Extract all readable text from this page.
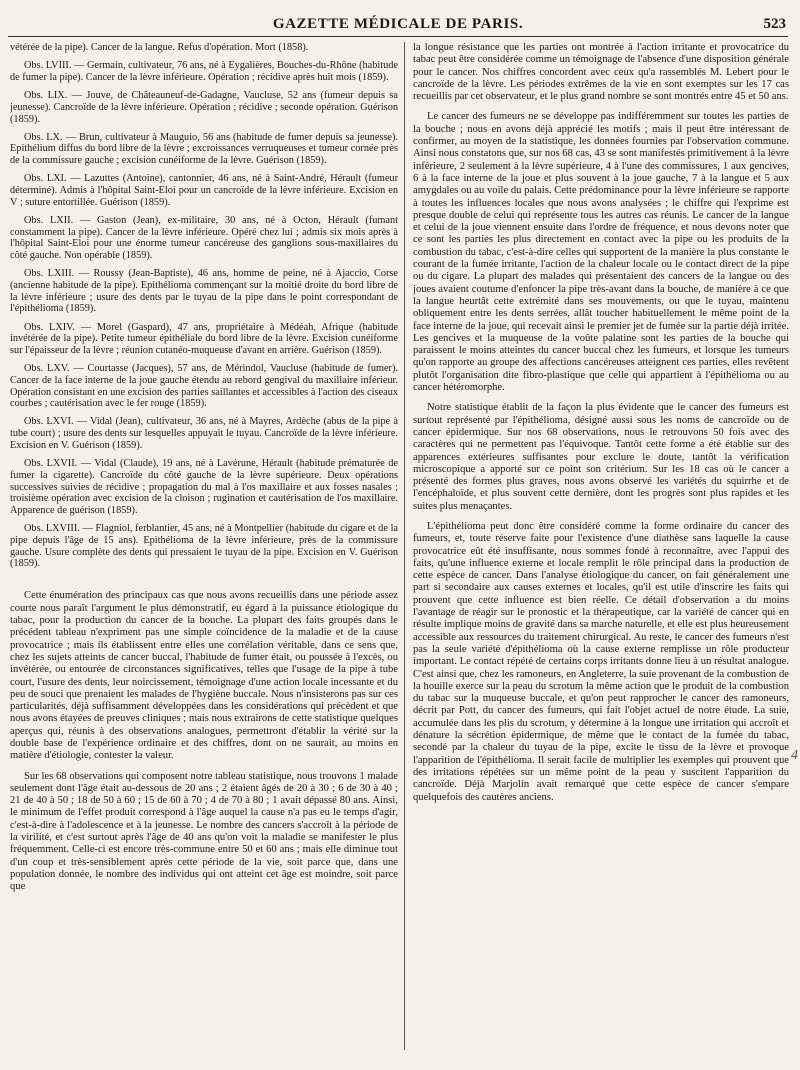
GAZETTE MÉDICALE DE PARIS.	523

vétérée de la pipe). Cancer de la langue. Refus d'opération. Mort (1858).

Obs. LVIII. — Germain, cultivateur, 76 ans, né à Eygalières, Bouches-du-Rhône (habitude de fumer la pipe). Cancer de la lèvre inférieure. Opération ; récidive après huit mois (1859).

Obs. LIX. — Jouve, de Châteauneuf-de-Gadagne, Vaucluse, 52 ans (fumeur depuis sa jeunesse). Cancroïde de la lèvre inférieure. Opération ; récidive ; seconde opération. Guérison (1859).

Obs. LX. — Brun, cultivateur à Mauguio, 56 ans (habitude de fumer depuis sa jeunesse). Epithélium diffus du bord libre de la lèvre ; excroissances verruqueuses et tumeur cornée près de la commissure gauche ; excision cunéiforme de la lèvre. Guérison (1859).

Obs. LXI. — Lazuttes (Antoine), cantonnier, 46 ans, né à Saint-André, Hérault (fumeur déterminé). Admis à l'hôpital Saint-Eloi pour un cancroïde de la lèvre inférieure. Excision en V ; suture entortillée. Guérison (1859).

Obs. LXII. — Gaston (Jean), ex-militaire, 30 ans, né à Octon, Hérault (fumant constamment la pipe). Cancer de la lèvre inférieure. Opéré chez lui ; admis six mois après à l'hôpital Saint-Eloi pour une énorme tumeur cancéreuse des ganglions sous-maxillaires du côté gauche. Non opérable (1859).

Obs. LXIII. — Roussy (Jean-Baptiste), 46 ans, homme de peine, né à Ajaccio, Corse (ancienne habitude de la pipe). Epithélioma commençant sur la moitié droite du bord libre de la lèvre inférieure ; usure des dents par le tuyau de la pipe dans le point correspondant de l'épithélioma (1859).

Obs. LXIV. — Morel (Gaspard), 47 ans, propriétaire à Médéah, Afrique (habitude invétérée de la pipe). Petite tumeur épithéliale du bord libre de la lèvre. Excision cunéiforme sur l'épaisseur de la lèvre ; réunion cutanéo-muqueuse d'avant en arrière. Guérison (1859).

Obs. LXV. — Courtasse (Jacques), 57 ans, de Mérindol, Vaucluse (habitude de fumer). Cancer de la face interne de la joue gauche étendu au rebord gengival du maxillaire inférieur. Opération consistant en une excision des parties saillantes et accessibles à l'action des ciseaux courbes ; cautérisation avec le fer rouge (1859).

Obs. LXVI. — Vidal (Jean), cultivateur, 36 ans, né à Mayres, Ardèche (abus de la pipe à tube court) ; usure des dents sur lesquelles appuyait le tuyau. Cancroïde de la lèvre inférieure. Excision en V. Guérison (1859).

Obs. LXVII. — Vidal (Claude), 19 ans, né à Lavérune, Hérault (habitude prématurée de fumer la cigarette). Cancroïde du côté gauche de la lèvre supérieure. Deux opérations successives suivies de récidive ; propagation du mal à l'os maxillaire et aux fosses nasales ; troisième opération avec excision de la cloison ; rugination et cautérisation de l'os maxillaire. Apparence de guérison (1859).

Obs. LXVIII. — Flagniol, ferblantier, 45 ans, né à Montpellier (habitude du cigare et de la pipe depuis l'âge de 15 ans). Epithélioma de la lèvre inférieure, près de la commissure gauche. Usure complète des dents qui pressaient le tuyau de la pipe. Excision en V. Guérison (1859).

Cette énumération des principaux cas que nous avons recueillis dans une période assez courte nous paraît l'argument le plus démonstratif, eu égard à la puissance étiologique du tabac, pour la production du cancer de la bouche. La plupart des faits groupés dans le précédent tableau n'expriment pas une simple coïncidence de la maladie et de la cause provocatrice ; mais ils établissent entre elles une corrélation véritable, dans ce sens que, chez les sujets atteints de cancer buccal, l'habitude de fumer était, ou poussée à l'excès, ou invétérée, ou entourée de circonstances significatives, telles que l'usage de la pipe à tube court, l'usure des dents, leur noircissement, témoignage d'une action locale incessante et du peu de souci que prenaient les malades de l'hygiène buccale. Nous n'insisterons pas sur ces particularités, déjà suffisamment développées dans les considérations qui précèdent et que nous avons étayées de preuves cliniques ; mais nous extrairons de cette statistique quelques aperçus qui, réunis à des observations analogues, permettront d'établir la vérité sur la double base de l'expérience ordinaire et des chiffres, dont on ne saurait, au moins en matière d'étiologie, contester la valeur.

Sur les 68 observations qui composent notre tableau statistique, nous trouvons 1 malade seulement dont l'âge était au-dessous de 20 ans ; 2 étaient âgés de 20 à 30 ; 6 de 30 à 40 ; 21 de 40 à 50 ; 18 de 50 à 60 ; 15 de 60 à 70 ; 4 de 70 à 80 ; 1 avait dépassé 80 ans. Ainsi, le minimum de l'effet produit correspond à l'âge auquel la cause n'a pas eu le temps d'agir, c'est-à-dire à l'adolescence et à la jeunesse. Le nombre des cancers s'accroît à la période de la virilité, et c'est surtout après l'âge de 40 ans qu'on voit la maladie se manifester le plus fréquemment. Celle-ci est encore très-commune entre 50 et 60 ans ; mais elle diminue tout d'un coup et très-sensiblement après cette période de la vie, soit parce que, dans une population donnée, le nombre des individus qui ont atteint cet âge est moindre, soit parce que

la longue résistance que les parties ont montrée à l'action irritante et provocatrice du tabac peut être considérée comme un témoignage de l'absence d'une disposition générale pour le cancer. Nos chiffres concordent avec ceux qu'a rassemblés M. Lebert pour le cancroïde de la lèvre. Les périodes extrêmes de la vie en sont exemptes sur les 17 cas recueillis par cet observateur, et le plus grand nombre se sont montrés entre 45 et 50 ans.

Le cancer des fumeurs ne se développe pas indifféremment sur toutes les parties de la bouche ; nous en avons déjà apprécié les motifs ; mais il peut être intéressant de confirmer, au moyen de la statistique, les données fournies par l'observation commune. Ainsi nous constatons que, sur nos 68 cas, 43 se sont manifestés primitivement à la lèvre inférieure, 2 seulement à la lèvre supérieure, 4 à l'une des commissures, 1 aux gencives, 6 à la face interne de la joue et plus souvent à la joue gauche, 7 à la langue et 5 aux amygdales ou au voile du palais. Cette prédominance pour la lèvre inférieure se rapporte à toutes les influences locales que nous avons analysées ; le chiffre qui l'exprime est presque double de celui qui représente tous les autres cas réunis. Le cancer de la langue et celui de la joue viennent ensuite dans l'ordre de fréquence, et nous devons noter que ce sont les parties les plus directement en contact avec la pipe ou les produits de la combustion du tabac, c'est-à-dire celles qui supportent de la manière la plus constante le courant de la fumée irritante, l'action de la chaleur locale ou le contact direct de la pipe ou du cigare. La plupart des malades qui présentaient des cancers de la langue ou des joues avaient coutume d'enfoncer la pipe très-avant dans la bouche, de manière à ce que la langue heurtât cette extrémité dans ses mouvements, ou que le tuyau, maintenu obliquement entre les dents serrées, allât toucher habituellement le même point de la face interne de la joue, qui recevait ainsi le premier jet de fumée sur la partie déjà irritée. Les gencives et la muqueuse de la voûte palatine sont les parties de la bouche qui paraissent le moins atteintes du cancer buccal chez les fumeurs, et lorsque les tumeurs qu'on rapporte au groupe des affections cancéreuses atteignent ces parties, elles revêtent plutôt l'organisation dite fibro-plastique que celle qui appartient à l'épithélioma ou au cancer hétéromorphe.

Notre statistique établit de la façon la plus évidente que le cancer des fumeurs est surtout représenté par l'épithélioma, désigné aussi sous les noms de cancroïde ou de cancer épidermique. Sur nos 68 observations, nous le retrouvons 50 fois avec des caractères qui ne permettent pas l'équivoque. Tantôt cette forme a été établie sur des apparences extérieures suffisantes pour exclure le doute, tantôt la vérification microscopique a apporté sur ce point son critérium. Sur les 18 cas où le cancer a présenté des formes plus graves, nous avons observé les variétés du squirrhe et de l'encéphaloïde, et plus souvent cette dernière, dont les progrès sont plus rapides et les suites plus menaçantes.

L'épithélioma peut donc être considéré comme la forme ordinaire du cancer des fumeurs, et, toute réserve faite pour l'existence d'une diathèse sans laquelle la cause provocatrice eût été insuffisante, nous sommes fondé à reconnaître, avec l'appui des faits, qu'une influence externe et locale remplit le rôle principal dans la production de cette espèce de cancer. Dans l'analyse étiologique du cancer, on fait généralement une part si secondaire aux causes externes et locales, qu'il est utile d'inscrire les faits qui prouvent que cette influence est bien réelle. Ce détail d'observation a du moins l'avantage de réagir sur le pronostic et la thérapeutique, car la variété de cancer qui en résulte implique moins de gravité dans sa marche naturelle, et elle est plus heureusement accessible aux ressources du traitement chirurgical. Au reste, le cancer des fumeurs n'est pas la seule variété d'épithélioma où la cause externe remplisse un rôle producteur important. Le contact répété de certains corps irritants donne lieu à un résultat analogue. C'est ainsi que, chez les ramoneurs, en Angleterre, la suie provenant de la combustion de la houille exerce sur la peau du scrotum la même action que le produit de la combustion du tabac sur la muqueuse buccale, et qu'on peut rapprocher le cancer des ramoneurs, décrit par Pott, du cancer des fumeurs, qui fait l'objet actuel de notre étude. La suie, accumulée dans les plis du scrotum, y détermine à la longue une irritation qui accroît et dénature la sécrétion épidermique, de même que le contact de la fumée du tabac, secondé par la chaleur du tuyau de la pipe, excite le tissu de la lèvre et provoque l'apparition de l'épithélioma. Il serait facile de multiplier les exemples qui prouvent que des irritations répétées sur un même point de la peau y suscitent l'apparition du cancroïde. Déjà Marjolin avait remarqué que cette espèce de cancer s'empare quelquefois des cautères anciens.

4
